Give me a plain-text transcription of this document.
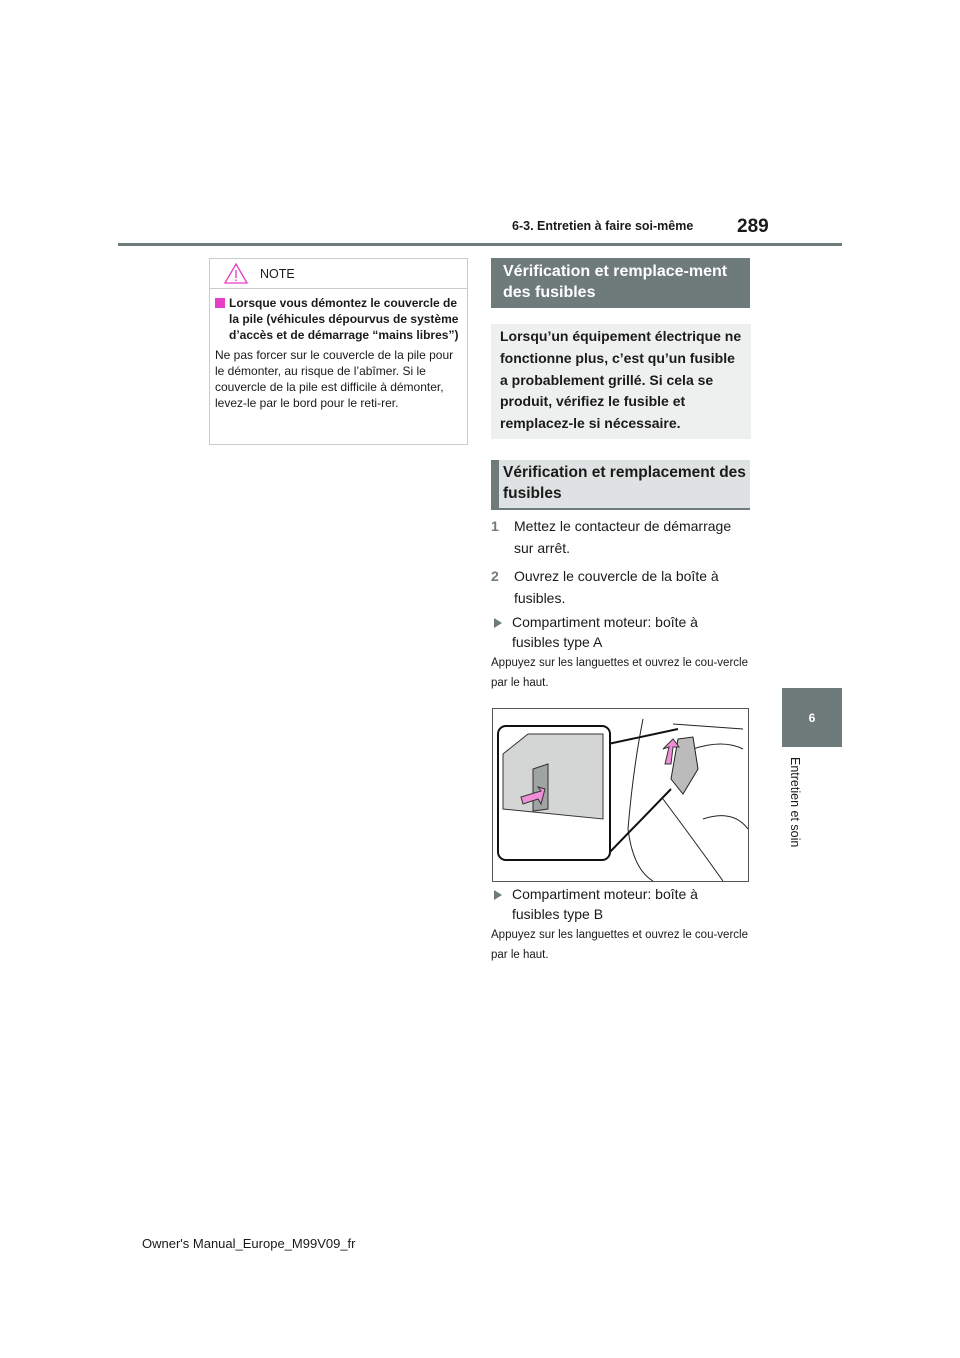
6-3. Entretien à faire soi-même 289
NOTE
Lorsque vous démontez le couvercle de la pile (véhicules dépourvus de système d’accès et de démarrage “mains libres”)
Ne pas forcer sur le couvercle de la pile pour le démonter, au risque de l’abîmer. Si le couvercle de la pile est difficile à démonter, levez-le par le bord pour le reti-rer.
Vérification et remplace-ment des fusibles
Lorsqu’un équipement électrique ne fonctionne plus, c’est qu’un fusible a probablement grillé. Si cela se produit, vérifiez le fusible et remplacez-le si nécessaire.
Vérification et remplacement des fusibles
1	Mettez le contacteur de démarrage sur arrêt.
2	Ouvrez le couvercle de la boîte à fusibles.
Compartiment moteur: boîte à fusibles type A
Appuyez sur les languettes et ouvrez le cou-vercle par le haut.
Compartiment moteur: boîte à fusibles type B
Appuyez sur les languettes et ouvrez le cou-vercle par le haut.
6
Entretien et soin
Owner's Manual_Europe_M99V09_fr
